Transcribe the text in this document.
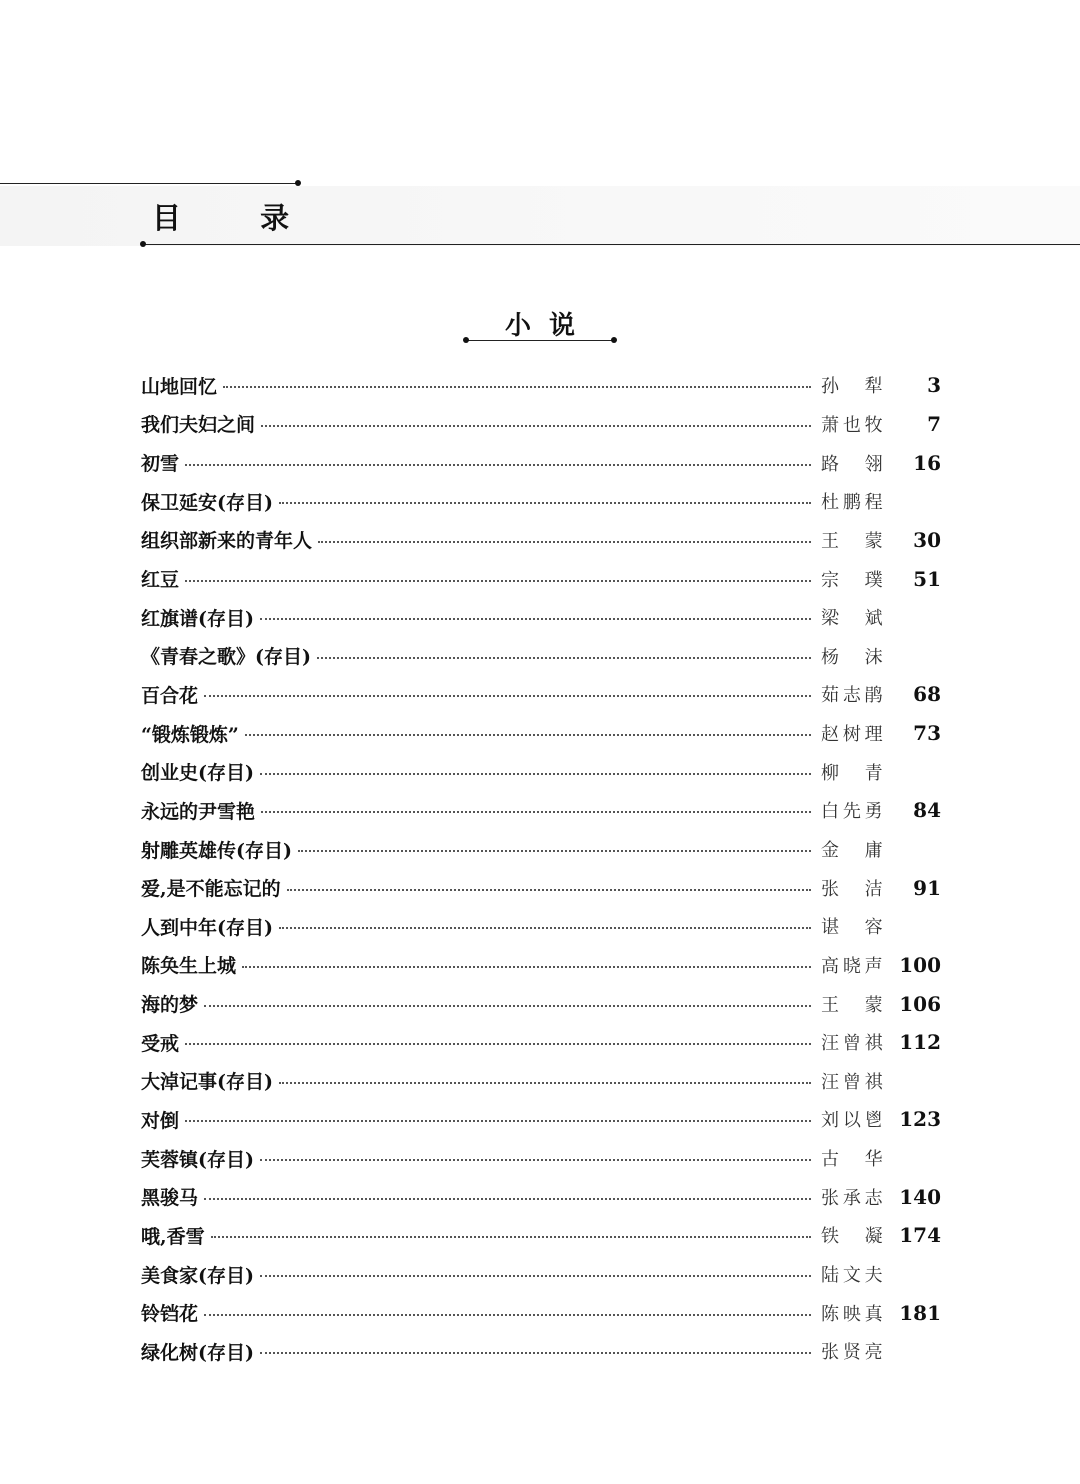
目  录
小  说
山地回忆	孙 犁	3
我们夫妇之间	萧也牧	7
初雪	路 翎	16
保卫延安(存目)	杜鹏程
组织部新来的青年人	王 蒙	30
红豆	宗 璞	51
红旗谱(存目)	梁 斌
《青春之歌》(存目)	杨 沫
百合花	茹志鹃	68
“锻炼锻炼”	赵树理	73
创业史(存目)	柳 青
永远的尹雪艳	白先勇	84
射雕英雄传(存目)	金 庸
爱,是不能忘记的	张 洁	91
人到中年(存目)	谌 容
陈奂生上城	高晓声 100
海的梦	王 蒙 106
受戒	汪曾祺 112
大淖记事(存目)	汪曾祺
对倒	刘以鬯 123
芙蓉镇(存目)	古 华
黑骏马	张承志 140
哦,香雪	铁 凝 174
美食家(存目)	陆文夫
铃铛花	陈映真 181
绿化树(存目)	张贤亮
